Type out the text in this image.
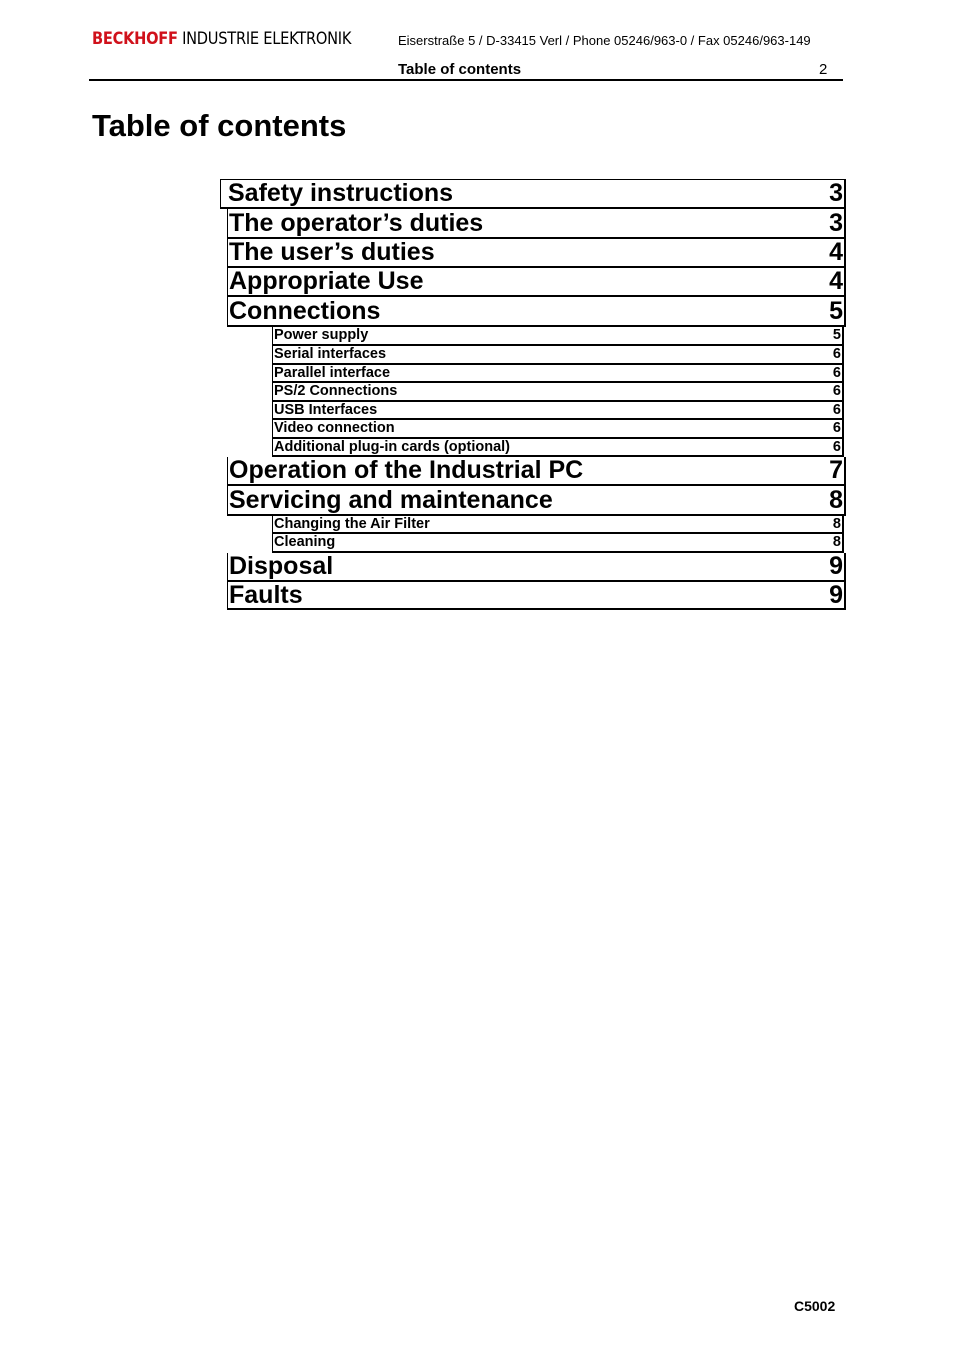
BECKHOFF INDUSTRIE ELEKTRONIK	Eiserstraße 5 / D-33415 Verl / Phone 05246/963-0 / Fax 05246/963-149
Table of contents	2
Table of contents
Safety instructions	3
The operator’s duties	3
The user’s duties	4
Appropriate Use	4
Connections	5
Power supply	5
Serial interfaces	6
Parallel interface	6
PS/2 Connections	6
USB Interfaces	6
Video connection	6
Additional plug-in cards (optional)	6
Operation of the Industrial PC	7
Servicing and maintenance	8
Changing the Air Filter	8
Cleaning	8
Disposal	9
Faults	9
C5002
